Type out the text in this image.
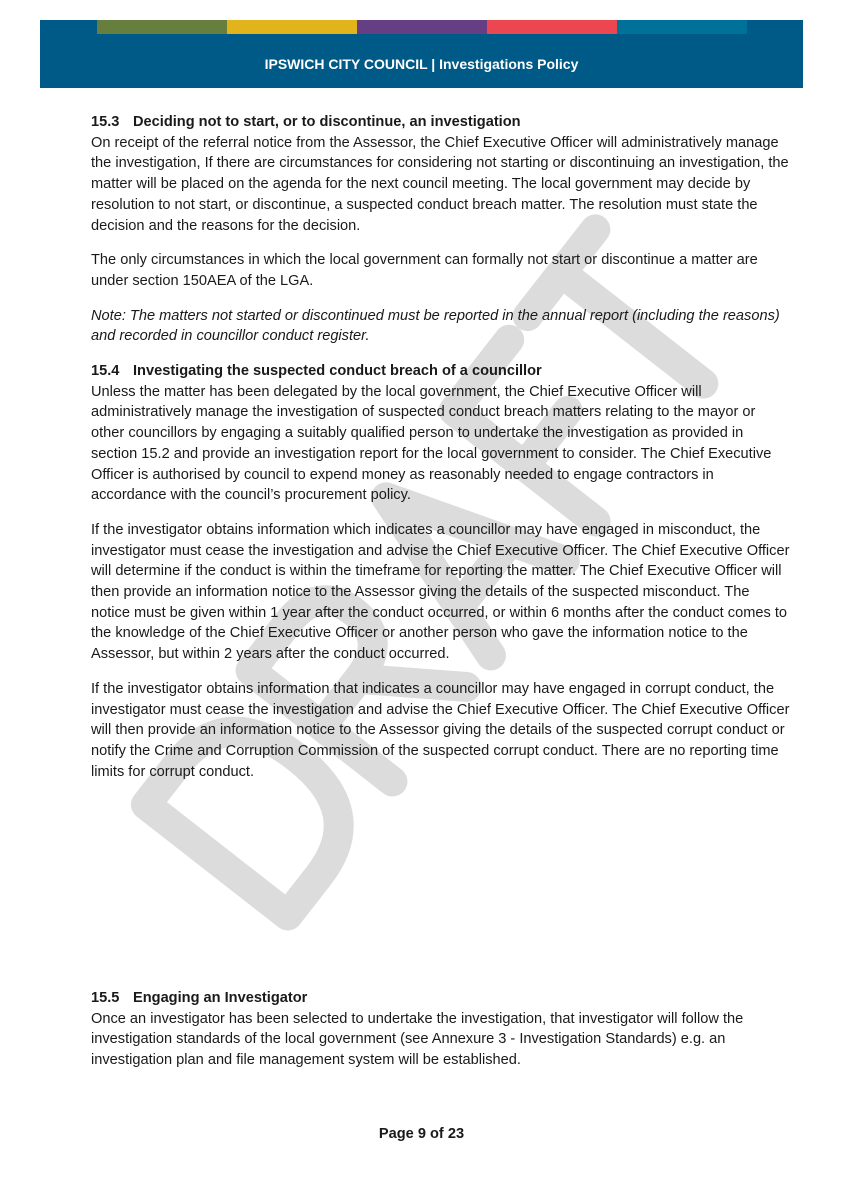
IPSWICH CITY COUNCIL | Investigations Policy

15.3 Deciding not to start, or to discontinue, an investigation

On receipt of the referral notice from the Assessor, the Chief Executive Officer will administratively manage the investigation, If there are circumstances for considering not starting or discontinuing an investigation, the matter will be placed on the agenda for the next council meeting. The local government may decide by resolution to not start, or discontinue, a suspected conduct breach matter. The resolution must state the decision and the reasons for the decision.

The only circumstances in which the local government can formally not start or discontinue a matter are under section 150AEA of the LGA.

Note: The matters not started or discontinued must be reported in the annual report (including the reasons) and recorded in councillor conduct register.

15.4 Investigating the suspected conduct breach of a councillor

Unless the matter has been delegated by the local government, the Chief Executive Officer will administratively manage the investigation of suspected conduct breach matters relating to the mayor or other councillors by engaging a suitably qualified person to undertake the investigation as provided in section 15.2 and provide an investigation report for the local government to consider. The Chief Executive Officer is authorised by council to expend money as reasonably needed to engage contractors in accordance with the council’s procurement policy.

If the investigator obtains information which indicates a councillor may have engaged in misconduct, the investigator must cease the investigation and advise the Chief Executive Officer. The Chief Executive Officer will determine if the conduct is within the timeframe for reporting the matter. The Chief Executive Officer will then provide an information notice to the Assessor giving the details of the suspected misconduct. The notice must be given within 1 year after the conduct occurred, or within 6 months after the conduct comes to the knowledge of the Chief Executive Officer or another person who gave the information notice to the Assessor, but within 2 years after the conduct occurred.

If the investigator obtains information that indicates a councillor may have engaged in corrupt conduct, the investigator must cease the investigation and advise the Chief Executive Officer. The Chief Executive Officer will then provide an information notice to the Assessor giving the details of the suspected corrupt conduct or notify the Crime and Corruption Commission of the suspected corrupt conduct. There are no reporting time limits for corrupt conduct.

15.5 Engaging an Investigator

Once an investigator has been selected to undertake the investigation, that investigator will follow the investigation standards of the local government (see Annexure 3 - Investigation Standards) e.g. an investigation plan and file management system will be established.

Page 9 of 23
